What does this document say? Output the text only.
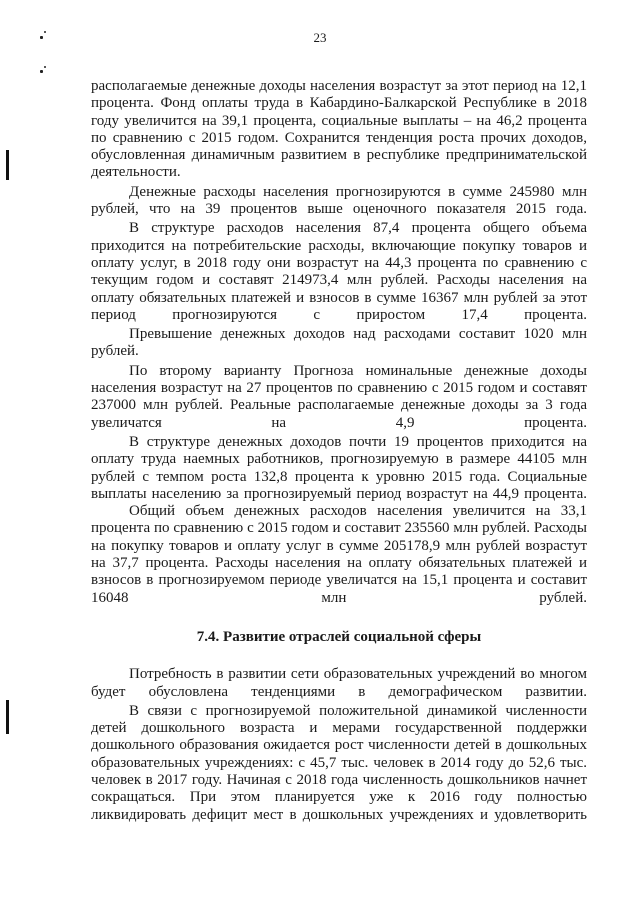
23

располагаемые денежные доходы населения возрастут за этот период на 12,1 процента. Фонд оплаты труда в Кабардино-Балкарской Республике в 2018 году увеличится на 39,1 процента, социальные выплаты – на 46,2 процента по сравнению с 2015 годом. Сохранится тенденция роста прочих доходов, обусловленная динамичным развитием в республике предпринимательской деятельности.

Денежные расходы населения прогнозируются в сумме 245980 млн рублей, что на 39 процентов выше оценочного показателя 2015 года.

В структуре расходов населения 87,4 процента общего объема приходится на потребительские расходы, включающие покупку товаров и оплату услуг, в 2018 году они возрастут на 44,3 процента по сравнению с текущим годом и составят 214973,4 млн рублей. Расходы населения на оплату обязательных платежей и взносов в сумме 16367 млн рублей за этот период прогнозируются с приростом 17,4 процента.

Превышение денежных доходов над расходами составит 1020 млн рублей.

По второму варианту Прогноза номинальные денежные доходы населения возрастут на 27 процентов по сравнению с 2015 годом и составят 237000 млн рублей. Реальные располагаемые денежные доходы за 3 года увеличатся на 4,9 процента.

В структуре денежных доходов почти 19 процентов приходится на оплату труда наемных работников, прогнозируемую в размере 44105 млн рублей с темпом роста 132,8 процента к уровню 2015 года. Социальные выплаты населению за прогнозируемый период возрастут на 44,9 процента.

Общий объем денежных расходов населения увеличится на 33,1 процента по сравнению с 2015 годом и составит 235560 млн рублей. Расходы на покупку товаров и оплату услуг в сумме 205178,9 млн рублей возрастут на 37,7 процента. Расходы населения на оплату обязательных платежей и взносов в прогнозируемом периоде увеличатся на 15,1 процента и составит 16048 млн рублей.

7.4. Развитие отраслей социальной сферы

Потребность в развитии сети образовательных учреждений во многом будет обусловлена тенденциями в демографическом развитии.

В связи с прогнозируемой положительной динамикой численности детей дошкольного возраста и мерами государственной поддержки дошкольного образования ожидается рост численности детей в дошкольных образовательных учреждениях: с 45,7 тыс. человек в 2014 году до 52,6 тыс. человек в 2017 году. Начиная с 2018 года численность дошкольников начнет сокращаться. При этом планируется уже к 2016 году полностью ликвидировать дефицит мест в дошкольных учреждениях и удовлетворить
